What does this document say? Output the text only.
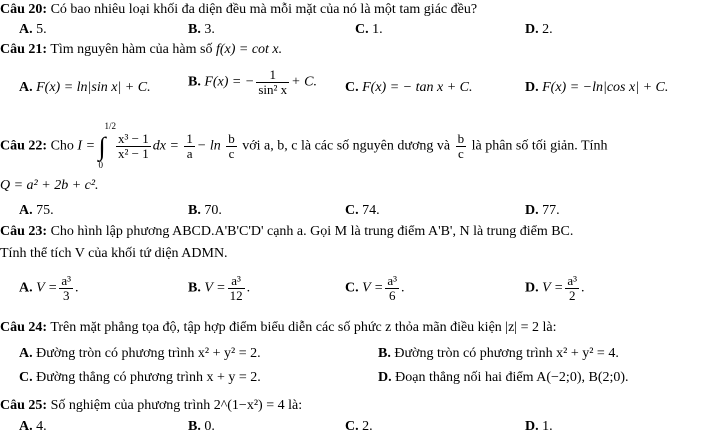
Câu 20: Có bao nhiêu loại khối đa diện đều mà mỗi mặt của nó là một tam giác đều?
A. 5.	B. 3.	C. 1.	D. 2.
Câu 21: Tìm nguyên hàm của hàm số f(x) = cot x.
A. F(x) = ln|sin x| + C.	B. F(x) = − $\frac{1}{\text{sin² x}} + C$. C. F(x) = − tan x + C.	D. F(x) = −ln|cos x| + C.
Câu 22: Cho I = ∫
1/2
0

$\frac{\text{x³ − 1}}{\text{x² − 1}}$ dx = $\frac{1}{a} - \ln \frac{b}{c}$ với a, b, c là các số nguyên dương và $\frac{b}{c}$ là phân số tối giản. Tính
Q = a² + 2b + c².
A. 75.	B. 70.	C. 74.	D. 77.
Câu 23: Cho hình lập phương ABCD.A'B'C'D' cạnh a. Gọi M là trung điểm A'B', N là trung điểm BC.
Tính thể tích V của khối tứ diện ADMN.
A. $V = \frac{\text{a³}}{3}$ .	B. $V = \frac{\text{a³}}{12}$ .	C. $V = \frac{\text{a³}}{6}$ .	D. $V = \frac{\text{a³}}{2}$ .
Câu 24: Trên mặt phẳng tọa độ, tập hợp điểm biểu diễn các số phức z thỏa mãn điều kiện |z| = 2 là:
A. Đường tròn có phương trình x² + y² = 2.	B. Đường tròn có phương trình x² + y² = 4.
C. Đường thẳng có phương trình x + y = 2.	D. Đoạn thẳng nối hai điểm A(−2;0), B(2;0).
Câu 25: Số nghiệm của phương trình 2^(1−x²) = 4 là:
A. 4.	B. 0.	C. 2.	D. 1.
